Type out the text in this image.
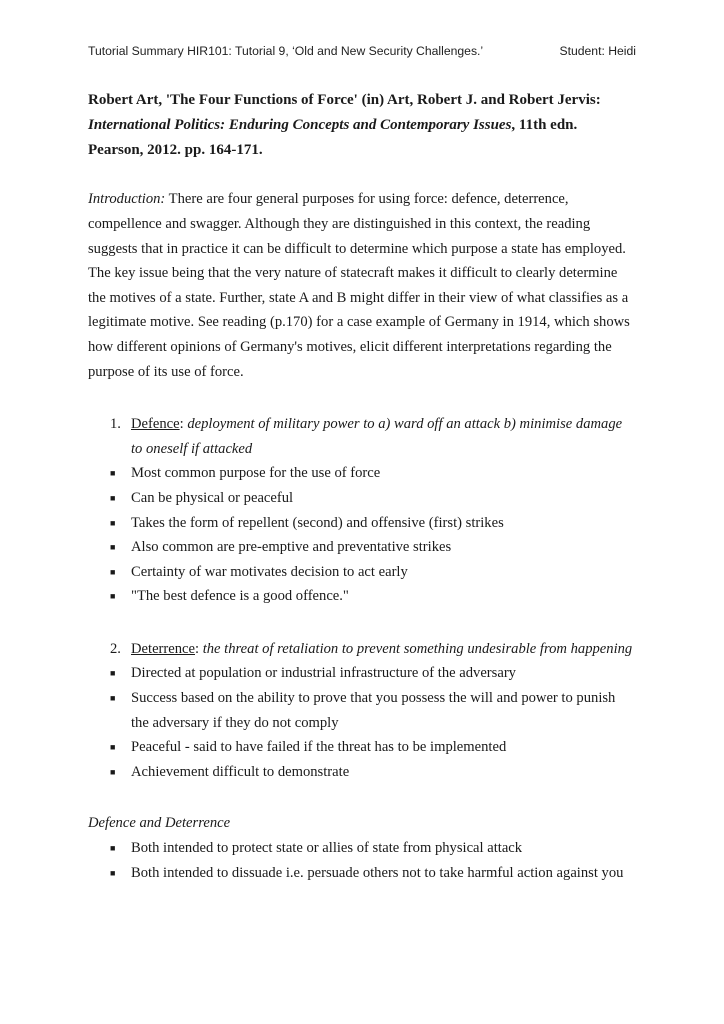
Tutorial Summary HIR101: Tutorial 9, ‘Old and New Security Challenges.’	Student: Heidi

Robert Art, 'The Four Functions of Force' (in) Art, Robert J. and Robert Jervis: International Politics: Enduring Concepts and Contemporary Issues, 11th edn. Pearson, 2012. pp. 164-171.

Introduction: There are four general purposes for using force: defence, deterrence, compellence and swagger. Although they are distinguished in this context, the reading suggests that in practice it can be difficult to determine which purpose a state has employed. The key issue being that the very nature of statecraft makes it difficult to clearly determine the motives of a state. Further, state A and B might differ in their view of what classifies as a legitimate motive. See reading (p.170) for a case example of Germany in 1914, which shows how different opinions of Germany's motives, elicit different interpretations regarding the purpose of its use of force.

1. Defence: deployment of military power to a) ward off an attack b) minimise damage to oneself if attacked
■ Most common purpose for the use of force
■ Can be physical or peaceful
■ Takes the form of repellent (second) and offensive (first) strikes
■ Also common are pre-emptive and preventative strikes
■ Certainty of war motivates decision to act early
■ "The best defence is a good offence."
2. Deterrence: the threat of retaliation to prevent something undesirable from happening
■ Directed at population or industrial infrastructure of the adversary
■ Success based on the ability to prove that you possess the will and power to punish the adversary if they do not comply
■ Peaceful - said to have failed if the threat has to be implemented
■ Achievement difficult to demonstrate
Defence and Deterrence
■ Both intended to protect state or allies of state from physical attack
■ Both intended to dissuade i.e. persuade others not to take harmful action against you
